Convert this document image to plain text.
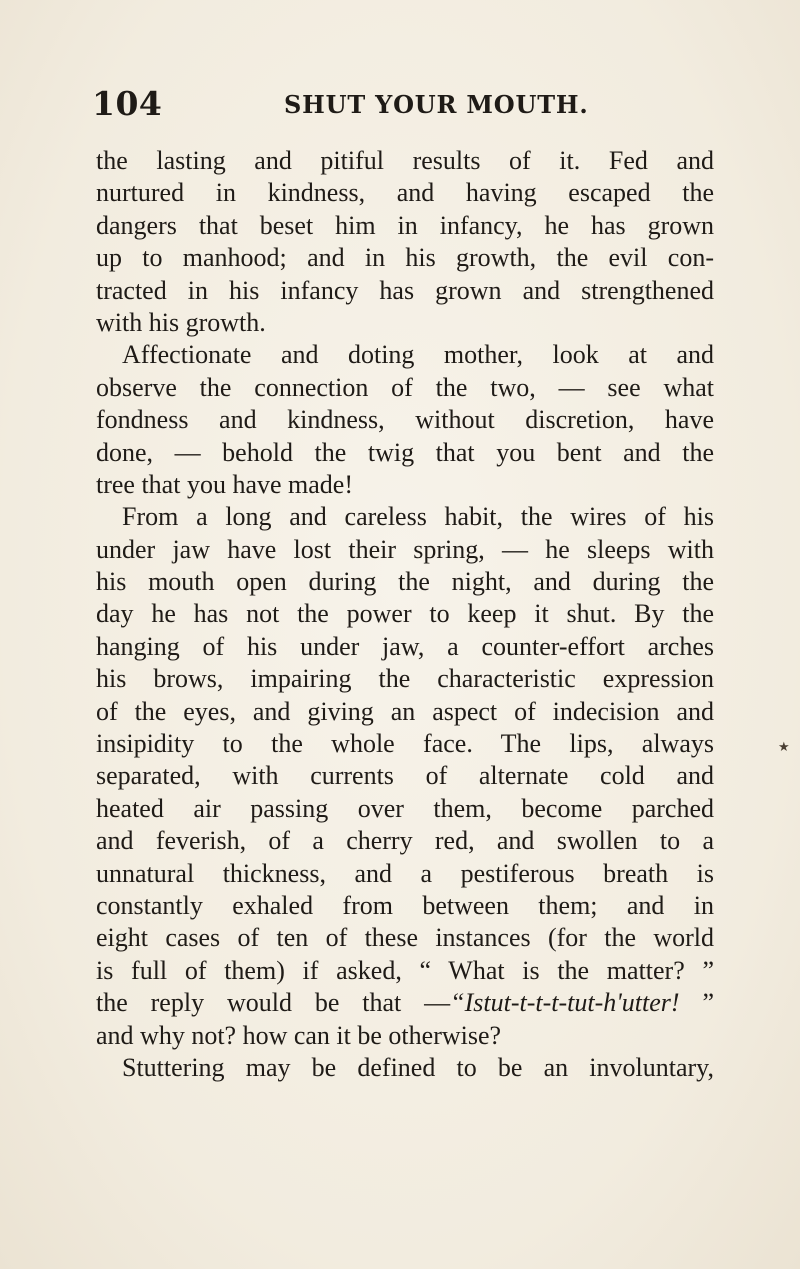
104	SHUT YOUR MOUTH.
the lasting and pitiful results of it. Fed and
nurtured in kindness, and having escaped the
dangers that beset him in infancy, he has grown
up to manhood; and in his growth, the evil con-
tracted in his infancy has grown and strengthened
with his growth.
Affectionate and doting mother, look at and
observe the connection of the two, — see what
fondness and kindness, without discretion, have
done, — behold the twig that you bent and the
tree that you have made!
From a long and careless habit, the wires of his
under jaw have lost their spring, — he sleeps with
his mouth open during the night, and during the
day he has not the power to keep it shut. By the
hanging of his under jaw, a counter-effort arches
his brows, impairing the characteristic expression
of the eyes, and giving an aspect of indecision and
insipidity to the whole face. The lips, always
separated, with currents of alternate cold and
heated air passing over them, become parched
and feverish, of a cherry red, and swollen to a
unnatural thickness, and a pestiferous breath is
constantly exhaled from between them; and in
eight cases of ten of these instances (for the world
is full of them) if asked, “ What is the matter? ”
the reply would be that —“Istut-t-t-t-tut-h'utter! ”
and why not? how can it be otherwise?
Stuttering may be defined to be an involuntary,
★
